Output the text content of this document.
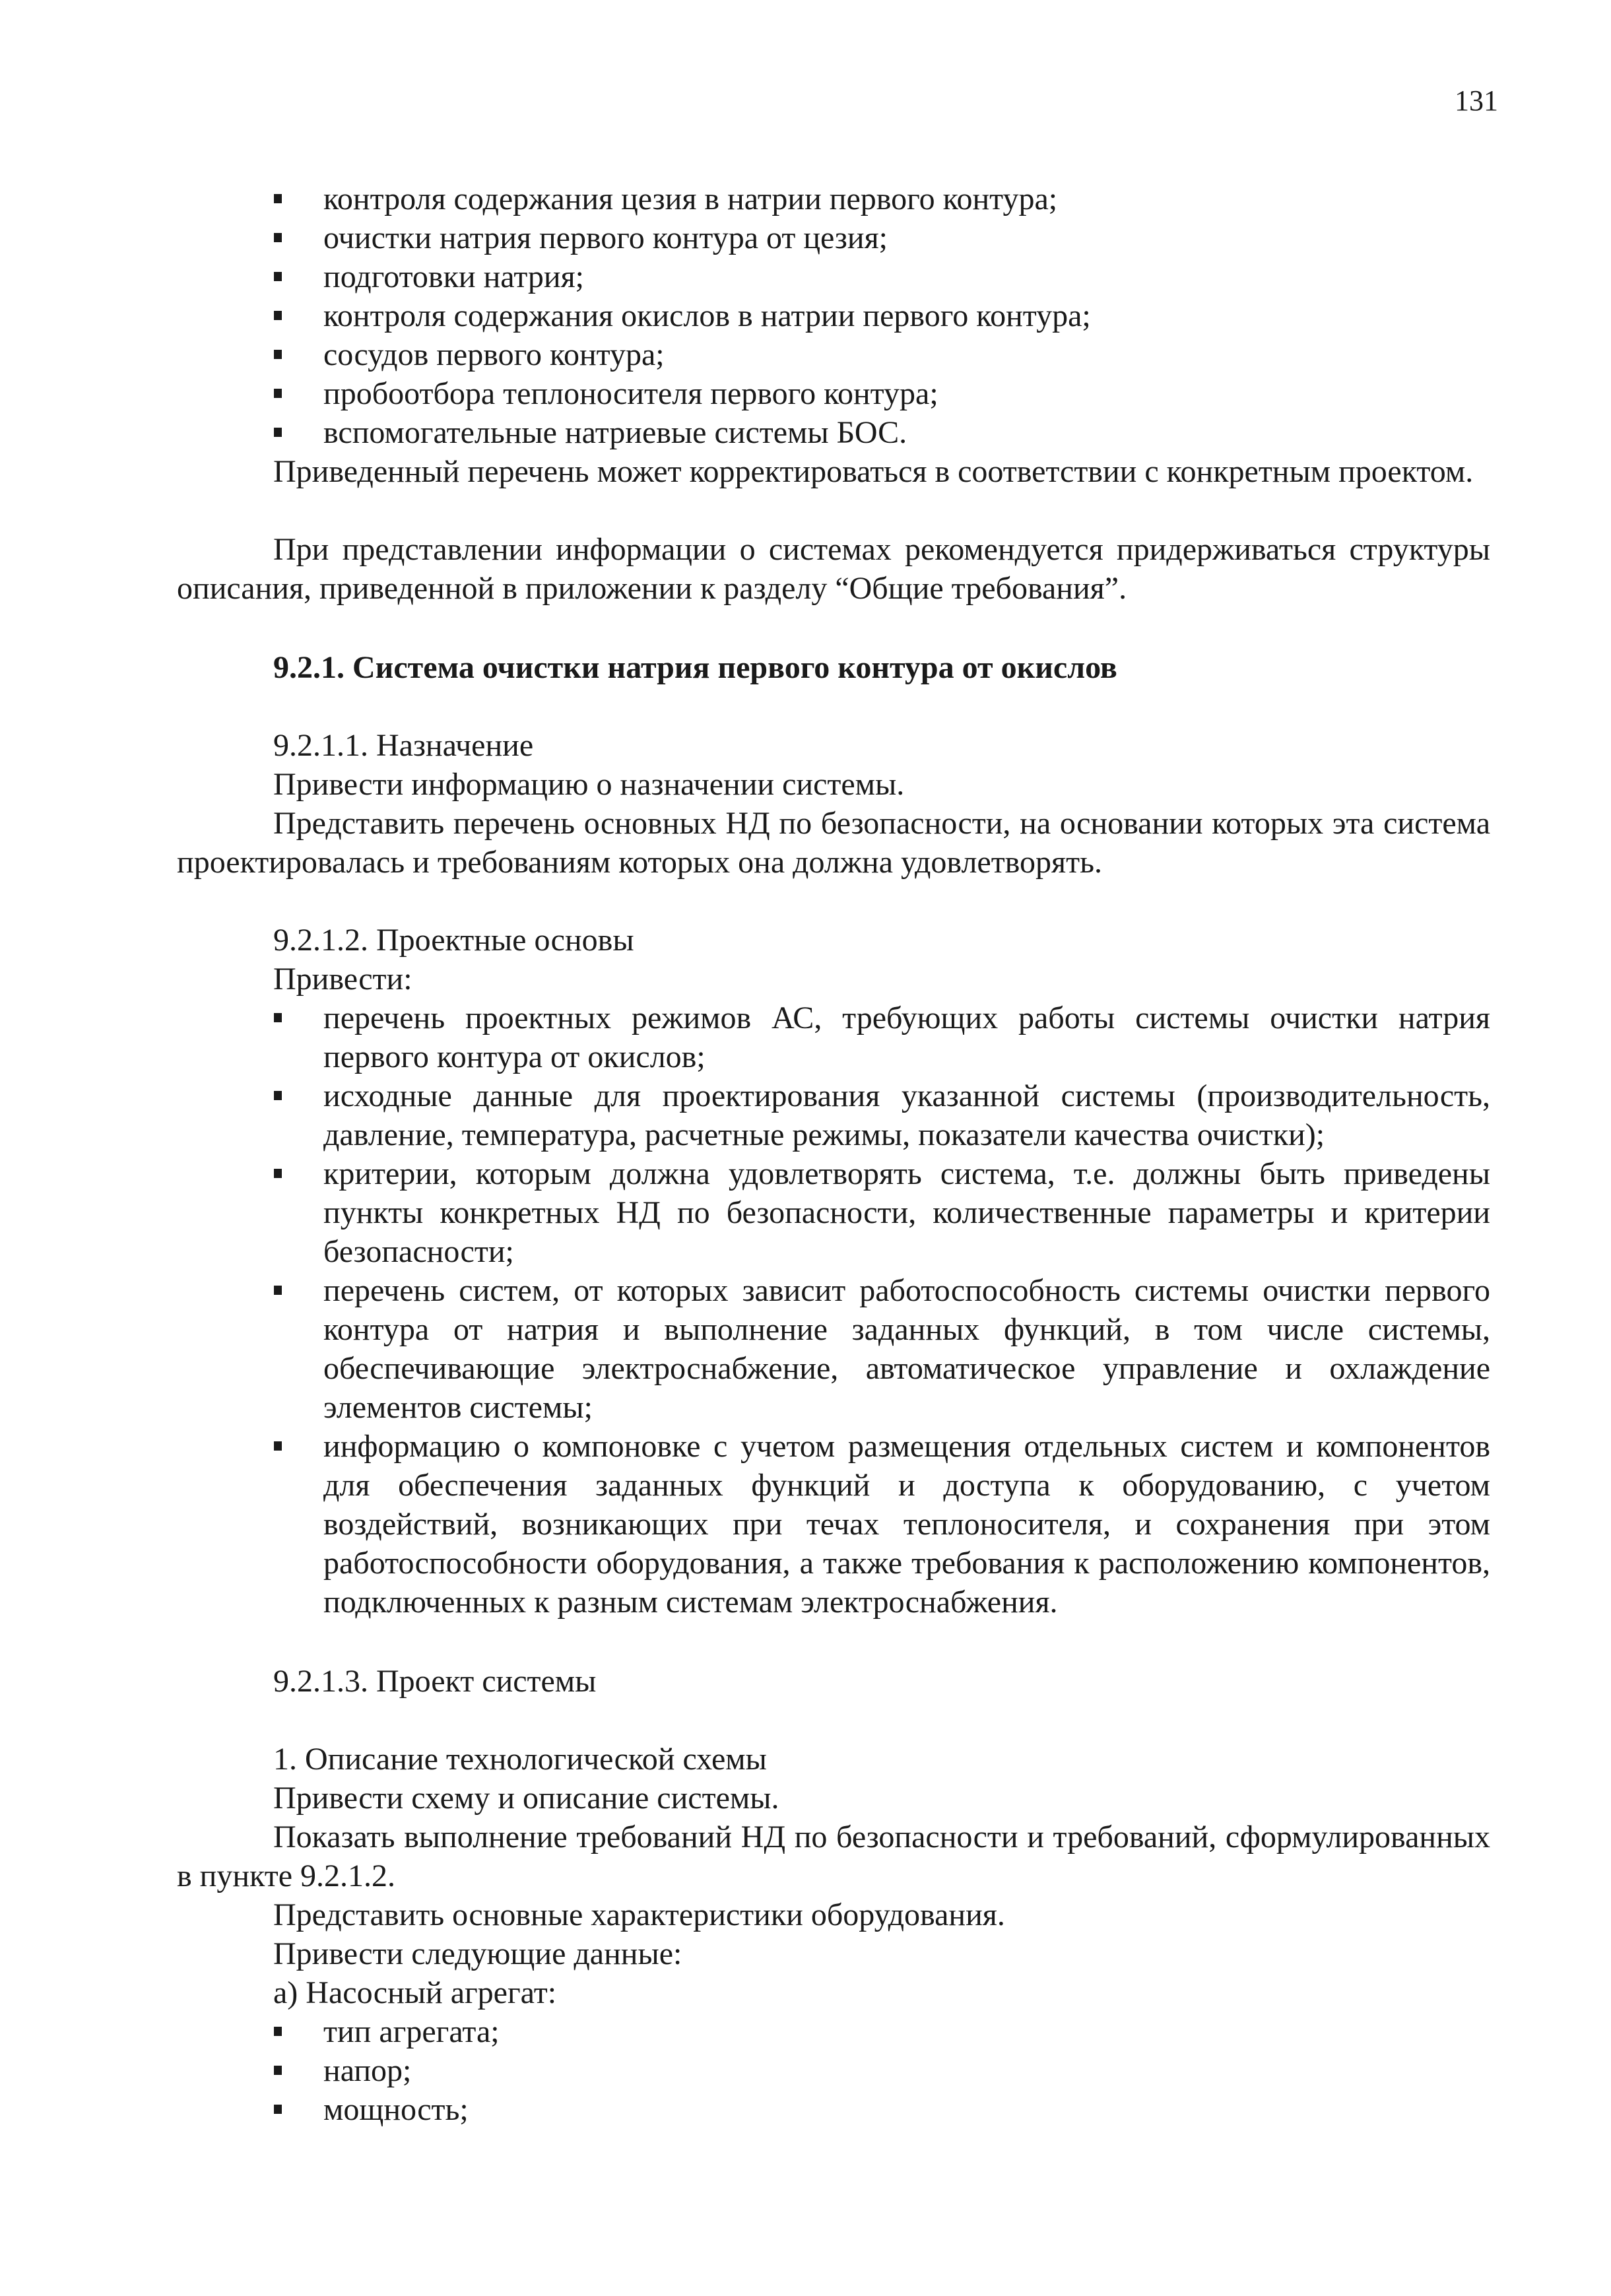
131
контроля содержания цезия в натрии первого контура;
очистки натрия первого контура от цезия;
подготовки натрия;
контроля содержания окислов в натрии первого контура;
сосудов первого контура;
пробоотбора теплоносителя первого контура;
вспомогательные натриевые системы БОС.

Приведенный перечень может корректироваться в соответствии с конкретным проектом.

При представлении информации о системах рекомендуется придерживаться структуры описания, приведенной в приложении к разделу “Общие требования”.

9.2.1. Система очистки натрия первого контура от окислов

9.2.1.1. Назначение

Привести информацию о назначении системы.

Представить перечень основных НД по безопасности, на основании которых эта система проектировалась и требованиям которых она должна удовлетворять.

9.2.1.2. Проектные основы

Привести:

перечень проектных режимов АС, требующих работы системы очистки натрия первого контура от окислов;
исходные данные для проектирования указанной системы (производительность, давление, температура, расчетные режимы, показатели качества очистки);
критерии, которым должна удовлетворять система, т.е. должны быть приведены пункты конкретных НД по безопасности, количественные параметры и критерии безопасности;
перечень систем, от которых зависит работоспособность системы очистки первого контура от натрия и выполнение заданных функций, в том числе системы, обеспечивающие электроснабжение, автоматическое управление и охлаждение элементов системы;
информацию о компоновке с учетом размещения отдельных систем и компонентов для обеспечения заданных функций и доступа к оборудованию, с учетом воздействий, возникающих при течах теплоносителя, и сохранения при этом работоспособности оборудования, а также требования к расположению компонентов, подключенных к разным системам электроснабжения.

9.2.1.3. Проект системы

1. Описание технологической схемы

Привести схему и описание системы.

Показать выполнение требований НД по безопасности и требований, сформулированных в пункте 9.2.1.2.

Представить основные характеристики оборудования.

Привести следующие данные:

а) Насосный агрегат:

тип агрегата;
напор;
мощность;
